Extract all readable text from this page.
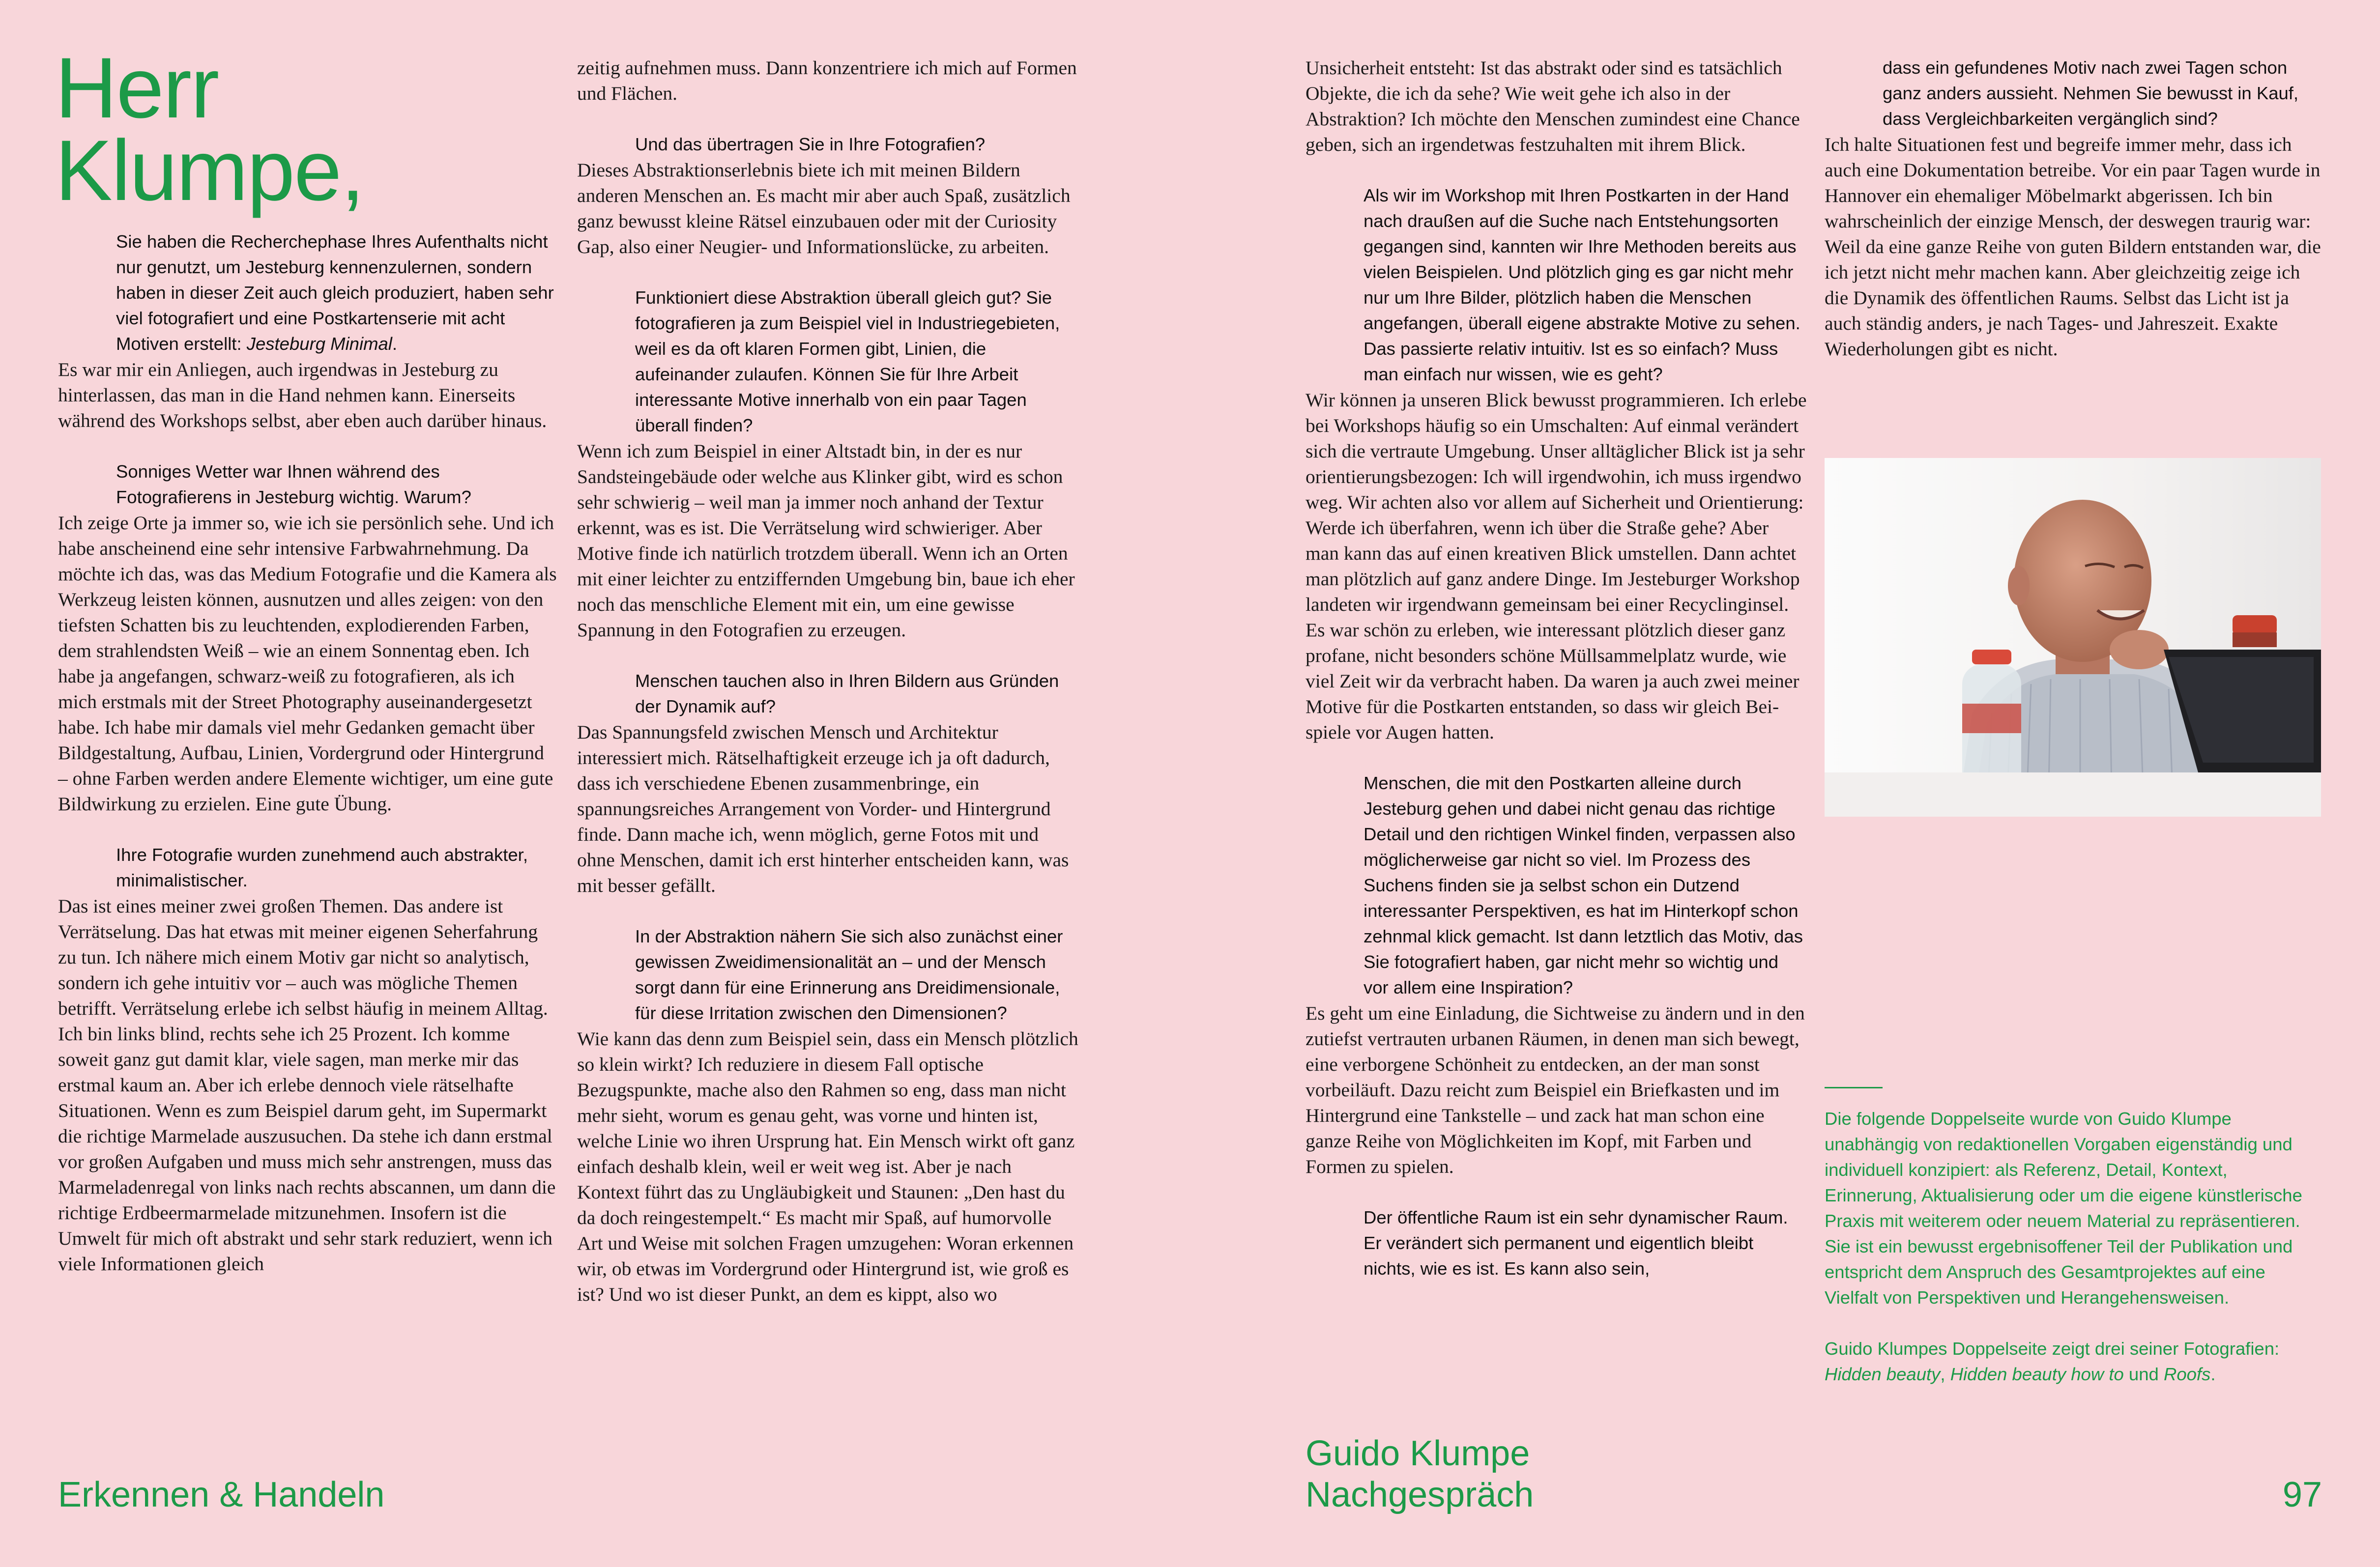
Herr
Klumpe,

Sie haben die Recherchephase Ihres Aufenthalts nicht nur genutzt, um Jesteburg kennenzulernen, sondern haben in dieser Zeit auch gleich produziert, haben sehr viel fotografiert und eine Postkartenserie mit acht Motiven erstellt: Jesteburg Minimal.

Es war mir ein Anliegen, auch irgendwas in Jesteburg zu hinterlassen, das man in die Hand nehmen kann. Einerseits während des Workshops selbst, aber eben auch darüber hinaus.

Sonniges Wetter war Ihnen während des Fotografierens in Jesteburg wichtig. Warum?

Ich zeige Orte ja immer so, wie ich sie persönlich sehe. Und ich habe anscheinend eine sehr intensive Farbwahrnehmung. Da möchte ich das, was das Medium Fotografie und die Kamera als Werkzeug leisten können, ausnutzen und alles zeigen: von den tiefsten Schatten bis zu leuchtenden, explodierenden Farben, dem strahlendsten Weiß – wie an einem Sonnentag eben. Ich habe ja angefangen, schwarz-weiß zu fotografieren, als ich mich erstmals mit der Street Photography auseinandergesetzt habe. Ich habe mir damals viel mehr Gedanken gemacht über Bildgestaltung, Aufbau, Linien, Vordergrund oder Hintergrund – ohne Farben werden andere Elemente wichtiger, um eine gute Bildwirkung zu erzielen. Eine gute Übung.

Ihre Fotografie wurden zunehmend auch abstrakter, minimalistischer.

Das ist eines meiner zwei großen Themen. Das andere ist Verrätselung. Das hat etwas mit meiner eigenen Seherfahrung zu tun. Ich nähere mich einem Motiv gar nicht so analytisch, sondern ich gehe intuitiv vor – auch was mögliche Themen betrifft. Verrätselung erlebe ich selbst häufig in meinem Alltag. Ich bin links blind, rechts sehe ich 25 Prozent. Ich komme soweit ganz gut damit klar, viele sagen, man merke mir das erstmal kaum an. Aber ich erlebe dennoch viele rätselhafte Situationen. Wenn es zum Beispiel darum geht, im Supermarkt die richtige Marmelade auszusuchen. Da stehe ich dann erstmal vor großen Aufgaben und muss mich sehr anstrengen, muss das Marmeladenregal von links nach rechts abscannen, um dann die richtige Erdbeermarmelade mitzunehmen. Insofern ist die Umwelt für mich oft abstrakt und sehr stark reduziert, wenn ich viele Informationen gleich

zeitig aufnehmen muss. Dann konzentriere ich mich auf Formen und Flächen.

Und das übertragen Sie in Ihre Fotografien?

Dieses Abstraktionserlebnis biete ich mit meinen Bildern anderen Menschen an. Es macht mir aber auch Spaß, zusätzlich ganz bewusst kleine Rätsel einzubauen oder mit der Curiosity Gap, also einer Neugier- und Informationslücke, zu arbeiten.

Funktioniert diese Abstraktion überall gleich gut? Sie fotografieren ja zum Beispiel viel in Industriegebieten, weil es da oft klaren Formen gibt, Linien, die aufeinander zulaufen. Können Sie für Ihre Arbeit interessante Motive innerhalb von ein paar Tagen überall finden?

Wenn ich zum Beispiel in einer Altstadt bin, in der es nur Sandsteingebäude oder welche aus Klinker gibt, wird es schon sehr schwierig – weil man ja immer noch anhand der Textur erkennt, was es ist. Die Verrätselung wird schwieriger. Aber Motive finde ich natürlich trotzdem überall. Wenn ich an Orten mit einer leichter zu entziffernden Umgebung bin, baue ich eher noch das menschliche Element mit ein, um eine gewisse Spannung in den Fotografien zu erzeugen.

Menschen tauchen also in Ihren Bildern aus Gründen der Dynamik auf?

Das Spannungsfeld zwischen Mensch und Architektur interessiert mich. Rätselhaftigkeit erzeuge ich ja oft dadurch, dass ich verschiedene Ebenen zusammenbringe, ein spannungsreiches Arrangement von Vorder- und Hintergrund finde. Dann mache ich, wenn möglich, gerne Fotos mit und ohne Menschen, damit ich erst hinterher entscheiden kann, was mit besser gefällt.

In der Abstraktion nähern Sie sich also zunächst einer gewissen Zweidimensionalität an – und der Mensch sorgt dann für eine Erinnerung ans Dreidimensionale, für diese Irritation zwischen den Dimensionen?

Wie kann das denn zum Beispiel sein, dass ein Mensch plötzlich so klein wirkt? Ich reduziere in diesem Fall optische Bezugspunkte, mache also den Rahmen so eng, dass man nicht mehr sieht, worum es genau geht, was vorne und hinten ist, welche Linie wo ihren Ursprung hat. Ein Mensch wirkt oft ganz einfach deshalb klein, weil er weit weg ist. Aber je nach Kontext führt das zu Ungläubigkeit und Staunen: „Den hast du da doch reingestempelt.“ Es macht mir Spaß, auf humorvolle Art und Weise mit solchen Fragen umzugehen: Woran erkennen wir, ob etwas im Vordergrund oder Hintergrund ist, wie groß es ist? Und wo ist dieser Punkt, an dem es kippt, also wo

Unsicherheit entsteht: Ist das abstrakt oder sind es tatsächlich Objekte, die ich da sehe? Wie weit gehe ich also in der Abstraktion? Ich möchte den Menschen zumindest eine Chance geben, sich an irgendetwas festzuhalten mit ihrem Blick.

Als wir im Workshop mit Ihren Postkarten in der Hand nach draußen auf die Suche nach Entstehungsorten gegangen sind, kannten wir Ihre Methoden bereits aus vielen Beispielen. Und plötzlich ging es gar nicht mehr nur um Ihre Bilder, plötzlich haben die Menschen angefangen, überall eigene abstrakte Motive zu sehen. Das passierte relativ intuitiv. Ist es so einfach? Muss man einfach nur wissen, wie es geht?

Wir können ja unseren Blick bewusst programmieren. Ich erlebe bei Workshops häufig so ein Umschalten: Auf einmal verändert sich die vertraute Umgebung. Unser alltäglicher Blick ist ja sehr orientierungsbezogen: Ich will irgendwohin, ich muss irgendwo weg. Wir achten also vor allem auf Sicherheit und Orientierung: Werde ich überfahren, wenn ich über die Straße gehe? Aber man kann das auf einen kreativen Blick umstellen. Dann achtet man plötzlich auf ganz andere Dinge. Im Jesteburger Workshop landeten wir irgendwann gemeinsam bei einer Recyclinginsel. Es war schön zu erleben, wie interessant plötzlich dieser ganz profane, nicht besonders schöne Müllsammelplatz wurde, wie viel Zeit wir da verbracht haben. Da waren ja auch zwei meiner Motive für die Postkarten entstanden, so dass wir gleich Beispiele vor Augen hatten.

Menschen, die mit den Postkarten alleine durch Jesteburg gehen und dabei nicht genau das richtige Detail und den richtigen Winkel finden, verpassen also möglicherweise gar nicht so viel. Im Prozess des Suchens finden sie ja selbst schon ein Dutzend interessanter Perspektiven, es hat im Hinterkopf schon zehnmal klick gemacht. Ist dann letztlich das Motiv, das Sie fotografiert haben, gar nicht mehr so wichtig und vor allem eine Inspiration?

Es geht um eine Einladung, die Sichtweise zu ändern und in den zutiefst vertrauten urbanen Räumen, in denen man sich bewegt, eine verborgene Schönheit zu entdecken, an der man sonst vorbeiläuft. Dazu reicht zum Beispiel ein Briefkasten und im Hintergrund eine Tankstelle – und zack hat man schon eine ganze Reihe von Möglichkeiten im Kopf, mit Farben und Formen zu spielen.

Der öffentliche Raum ist ein sehr dynamischer Raum. Er verändert sich permanent und eigentlich bleibt nichts, wie es ist. Es kann also sein,

dass ein gefundenes Motiv nach zwei Tagen schon ganz anders aussieht. Nehmen Sie bewusst in Kauf, dass Vergleichbarkeiten vergänglich sind?

Ich halte Situationen fest und begreife immer mehr, dass ich auch eine Dokumentation betreibe. Vor ein paar Tagen wurde in Hannover ein ehemaliger Möbelmarkt abgerissen. Ich bin wahrscheinlich der einzige Mensch, der deswegen traurig war: Weil da eine ganze Reihe von guten Bildern entstanden war, die ich jetzt nicht mehr machen kann. Aber gleichzeitig zeige ich die Dynamik des öffentlichen Raums. Selbst das Licht ist ja auch ständig anders, je nach Tages- und Jahreszeit. Exakte Wiederholungen gibt es nicht.

Die folgende Doppelseite wurde von Guido Klumpe unabhängig von redaktionellen Vorgaben eigenständig und individuell konzipiert: als Referenz, Detail, Kontext, Erinnerung, Aktualisierung oder um die eigene künstlerische Praxis mit weiterem oder neuem Material zu repräsentieren. Sie ist ein bewusst ergebnisoffener Teil der Publikation und entspricht dem Anspruch des Gesamtprojektes auf eine Vielfalt von Perspektiven und Herangehensweisen.

Guido Klumpes Doppelseite zeigt drei seiner Fotografien: Hidden beauty, Hidden beauty how to und Roofs.

Erkennen & Handeln
Guido Klumpe
Nachgespräch	97
